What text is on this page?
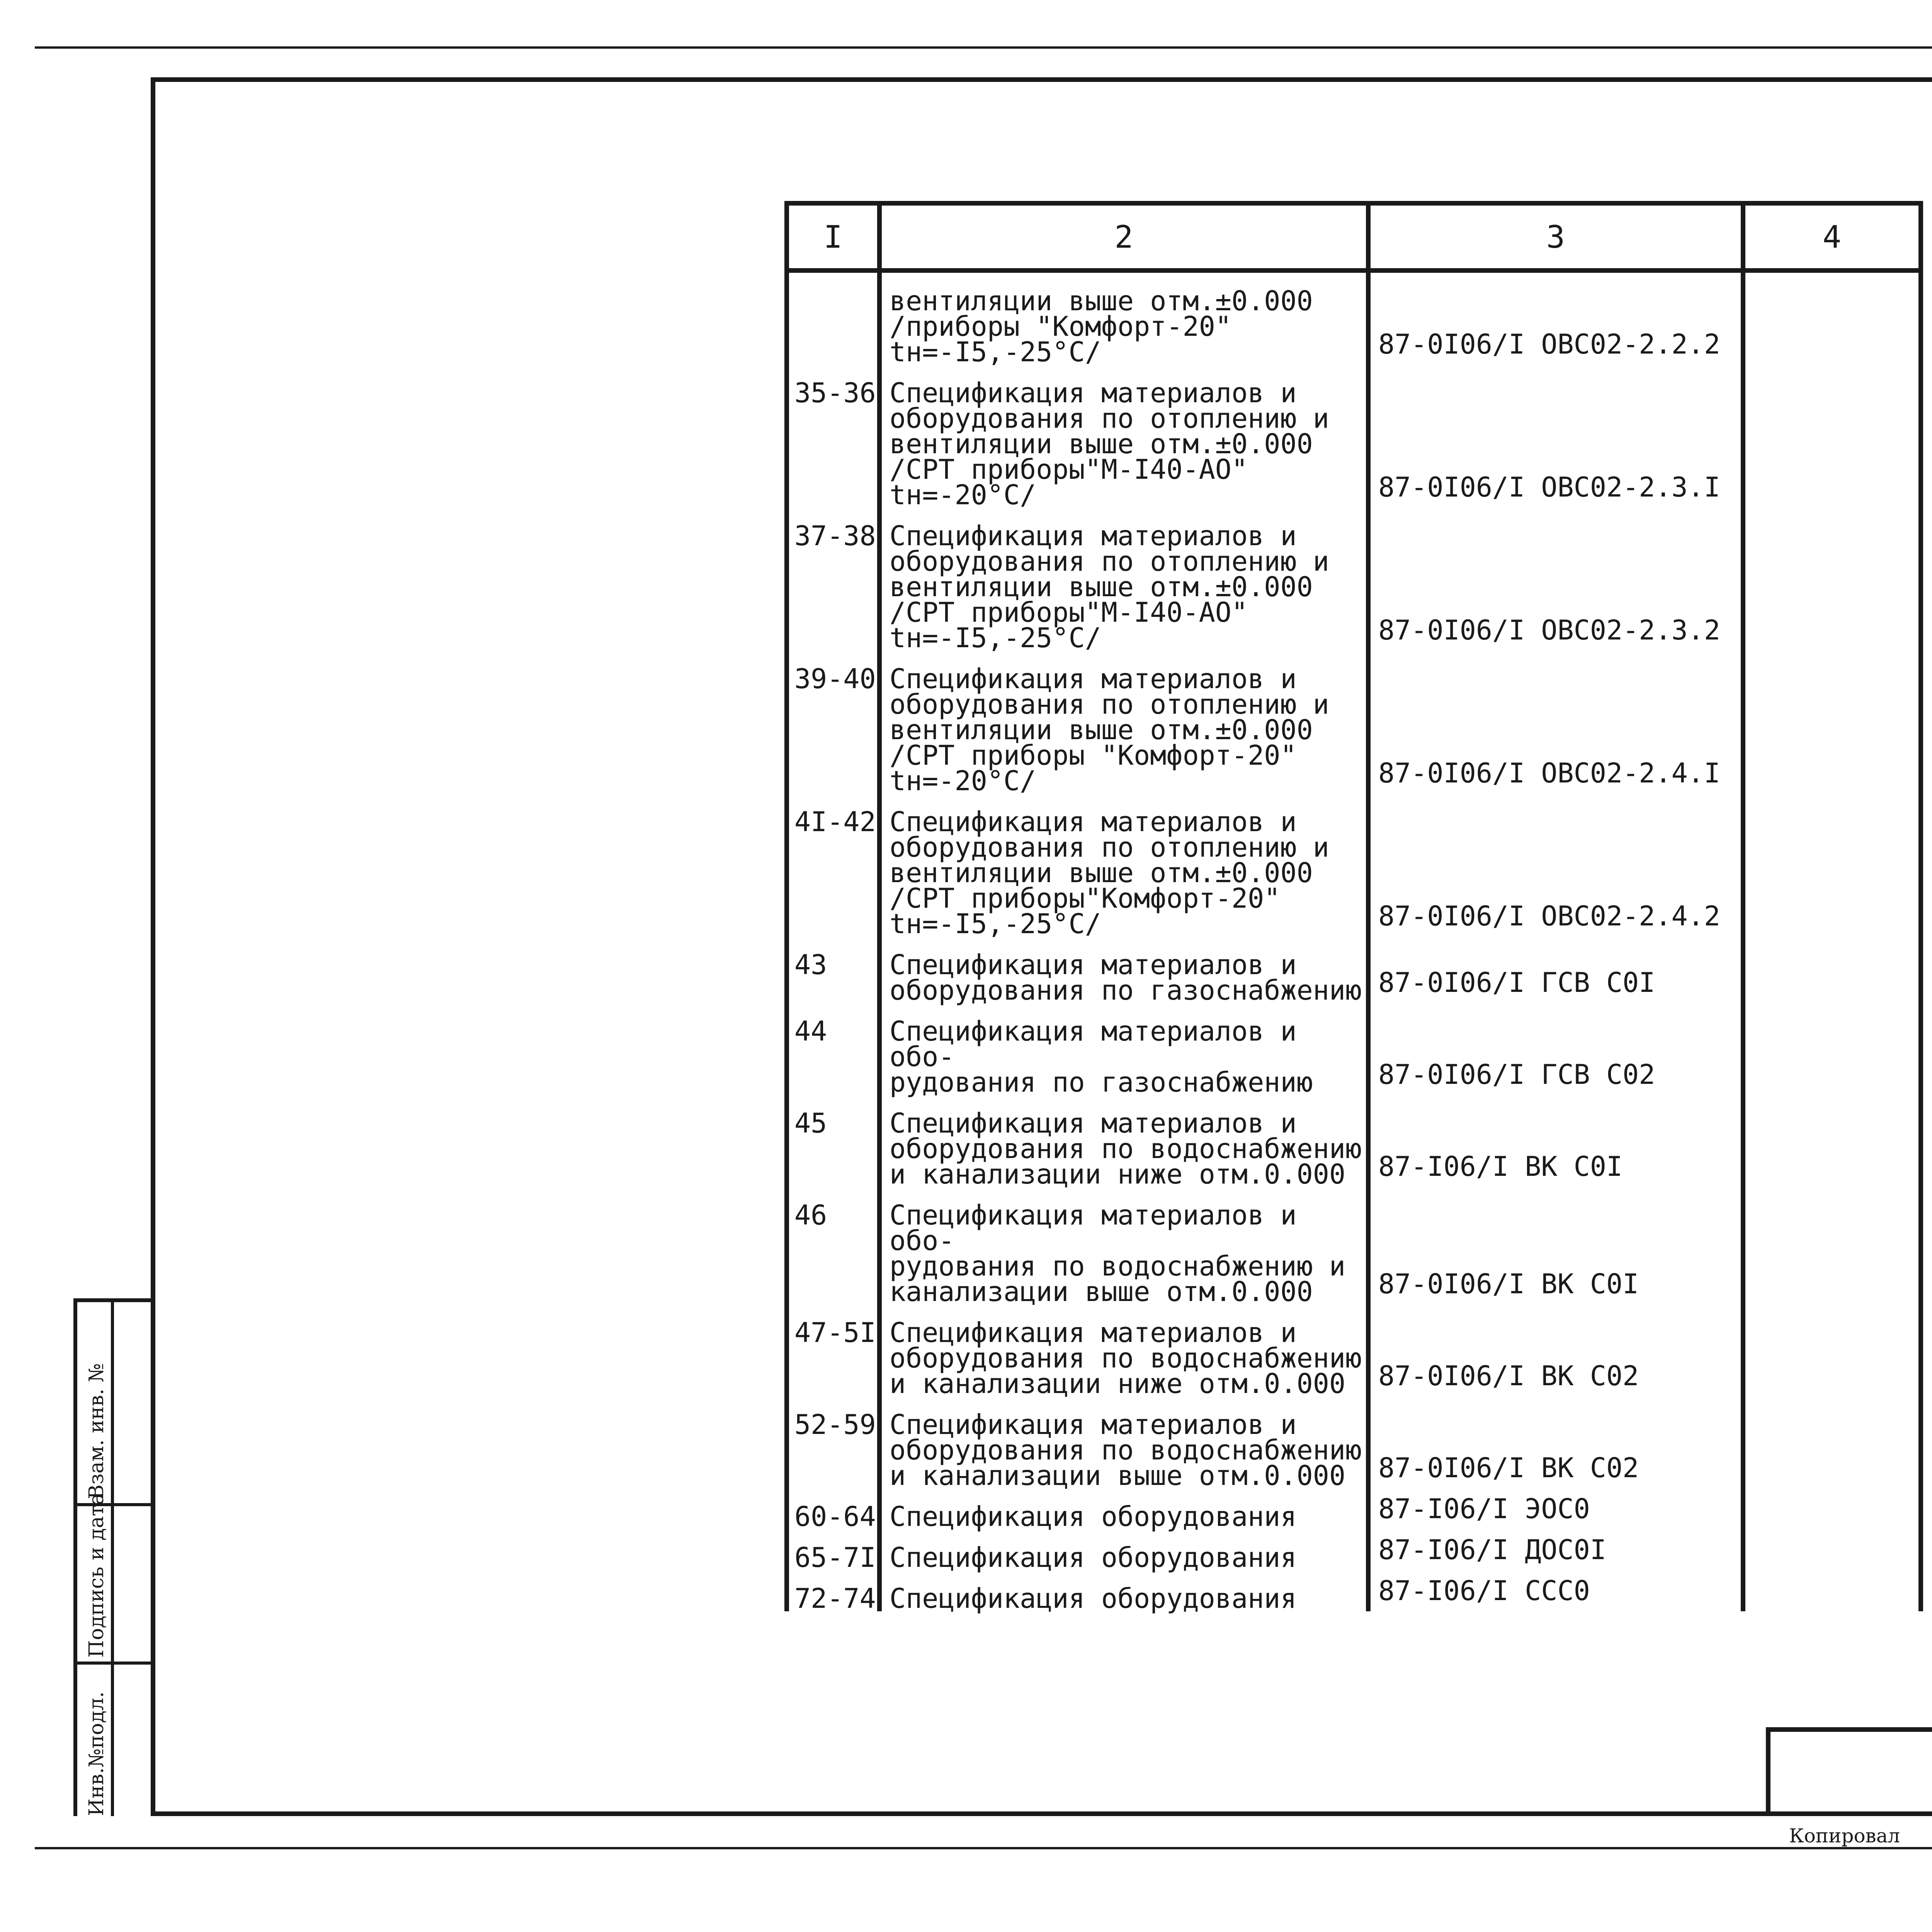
I	2	3	4
	вентиляции выше отм.±0.000
/приборы "Комфорт-20"
tн=-I5,-25°C/	87-0I06/I ОВС02-2.2.2	
35-36	Спецификация материалов и
оборудования по отоплению и
вентиляции выше отм.±0.000
/СРТ приборы"М-I40-АО"
tн=-20°C/	87-0I06/I ОВС02-2.3.I	
37-38	Спецификация материалов и
оборудования по отоплению и
вентиляции выше отм.±0.000
/СРТ приборы"М-I40-АО"
tн=-I5,-25°C/	87-0I06/I ОВС02-2.3.2	
39-40	Спецификация материалов и
оборудования по отоплению и
вентиляции выше отм.±0.000
/СРТ приборы "Комфорт-20"
tн=-20°C/	87-0I06/I ОВС02-2.4.I	
4I-42	Спецификация материалов и
оборудования по отоплению и
вентиляции выше отм.±0.000
/СРТ приборы"Комфорт-20"
tн=-I5,-25°C/	87-0I06/I ОВС02-2.4.2	
43	Спецификация материалов и
оборудования по газоснабжению	87-0I06/I ГСВ С0I	
44	Спецификация материалов и обо-
рудования по газоснабжению	87-0I06/I ГСВ С02	
45	Спецификация материалов и
оборудования по водоснабжению
и канализации ниже отм.0.000	87-I06/I ВК С0I	
46	Спецификация материалов и обо-
рудования по водоснабжению и
канализации выше отм.0.000	87-0I06/I ВК С0I	
47-5I	Спецификация материалов и
оборудования по водоснабжению
и канализации ниже отм.0.000	87-0I06/I ВК С02	
52-59	Спецификация материалов и
оборудования по водоснабжению
и канализации выше отм.0.000	87-0I06/I ВК С02	
60-64	Спецификация оборудования	87-I06/I ЭОС0	
65-7I	Спецификация оборудования	87-I06/I ДОС0I	
72-74	Спецификация оборудования	87-I06/I СCС0	
Инв.№подл.
Подпись и дата
Взам. инв. №
Копировал
